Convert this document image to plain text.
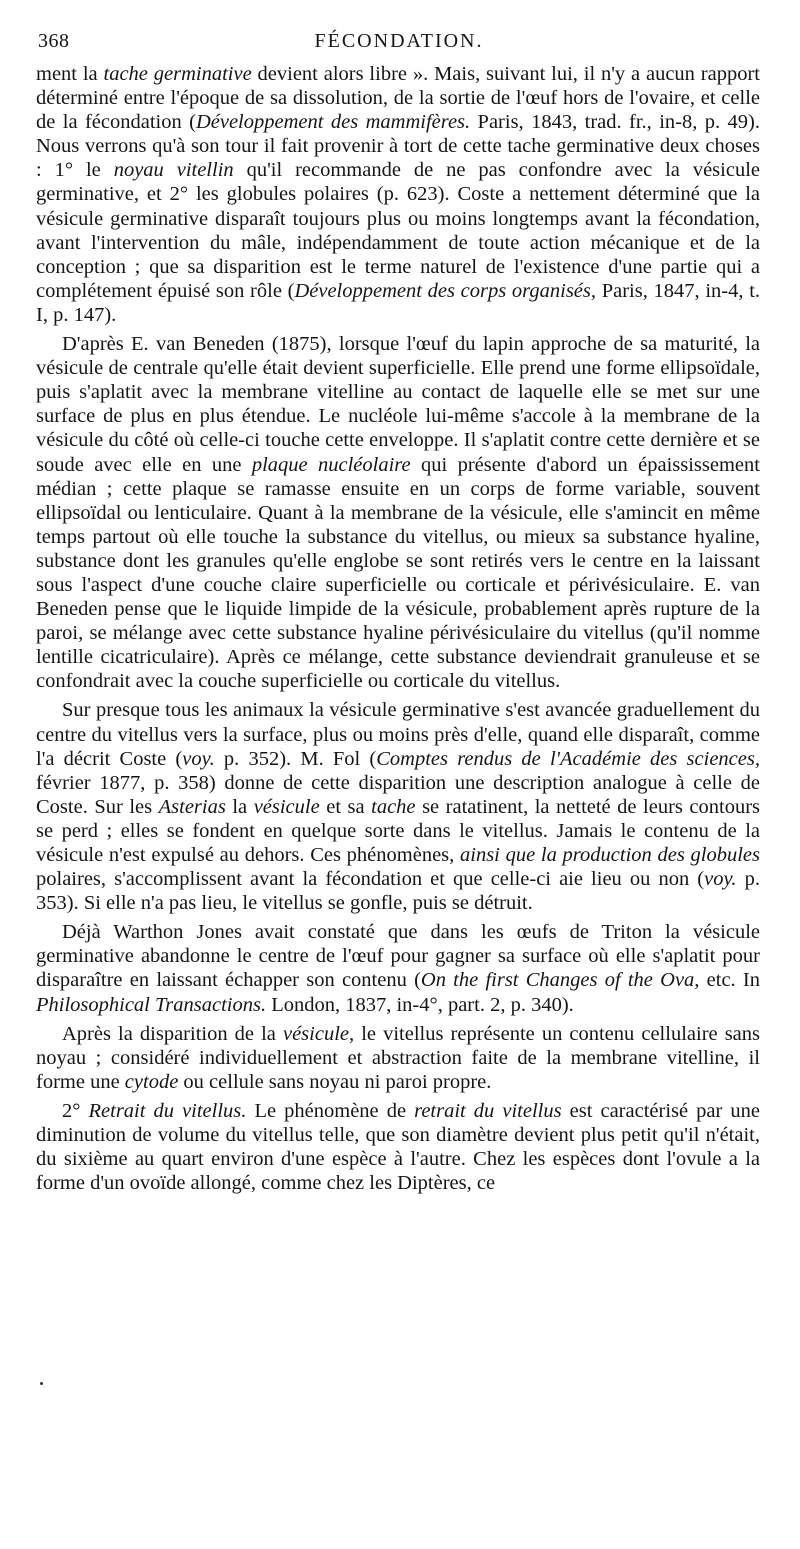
368	FÉCONDATION.

ment la tache germinative devient alors libre ». Mais, suivant lui, il n'y a aucun rapport déterminé entre l'époque de sa dissolution, de la sortie de l'œuf hors de l'ovaire, et celle de la fécondation (Développement des mammifères. Paris, 1843, trad. fr., in-8, p. 49). Nous verrons qu'à son tour il fait provenir à tort de cette tache germinative deux choses : 1° le noyau vitellin qu'il recommande de ne pas confondre avec la vésicule germinative, et 2° les globules polaires (p. 623). Coste a nettement déterminé que la vésicule germinative disparaît toujours plus ou moins longtemps avant la fécondation, avant l'intervention du mâle, indépendamment de toute action mécanique et de la conception ; que sa disparition est le terme naturel de l'existence d'une partie qui a complétement épuisé son rôle (Développement des corps organisés, Paris, 1847, in-4, t. I, p. 147).

D'après E. van Beneden (1875), lorsque l'œuf du lapin approche de sa maturité, la vésicule de centrale qu'elle était devient superficielle. Elle prend une forme ellipsoïdale, puis s'aplatit avec la membrane vitelline au contact de laquelle elle se met sur une surface de plus en plus étendue. Le nucléole lui-même s'accole à la membrane de la vésicule du côté où celle-ci touche cette enveloppe. Il s'aplatit contre cette dernière et se soude avec elle en une plaque nucléolaire qui présente d'abord un épaississement médian ; cette plaque se ramasse ensuite en un corps de forme variable, souvent ellipsoïdal ou lenticulaire. Quant à la membrane de la vésicule, elle s'amincit en même temps partout où elle touche la substance du vitellus, ou mieux sa substance hyaline, substance dont les granules qu'elle englobe se sont retirés vers le centre en la laissant sous l'aspect d'une couche claire superficielle ou corticale et périvésiculaire. E. van Beneden pense que le liquide limpide de la vésicule, probablement après rupture de la paroi, se mélange avec cette substance hyaline périvésiculaire du vitellus (qu'il nomme lentille cicatriculaire). Après ce mélange, cette substance deviendrait granuleuse et se confondrait avec la couche superficielle ou corticale du vitellus.

Sur presque tous les animaux la vésicule germinative s'est avancée graduellement du centre du vitellus vers la surface, plus ou moins près d'elle, quand elle disparaît, comme l'a décrit Coste (voy. p. 352). M. Fol (Comptes rendus de l'Académie des sciences, février 1877, p. 358) donne de cette disparition une description analogue à celle de Coste. Sur les Asterias la vésicule et sa tache se ratatinent, la netteté de leurs contours se perd ; elles se fondent en quelque sorte dans le vitellus. Jamais le contenu de la vésicule n'est expulsé au dehors. Ces phénomènes, ainsi que la production des globules polaires, s'accomplissent avant la fécondation et que celle-ci aie lieu ou non (voy. p. 353). Si elle n'a pas lieu, le vitellus se gonfle, puis se détruit.

Déjà Warthon Jones avait constaté que dans les œufs de Triton la vésicule germinative abandonne le centre de l'œuf pour gagner sa surface où elle s'aplatit pour disparaître en laissant échapper son contenu (On the first Changes of the Ova, etc. In Philosophical Transactions. London, 1837, in-4°, part. 2, p. 340).

Après la disparition de la vésicule, le vitellus représente un contenu cellulaire sans noyau ; considéré individuellement et abstraction faite de la membrane vitelline, il forme une cytode ou cellule sans noyau ni paroi propre.

2° Retrait du vitellus. Le phénomène de retrait du vitellus est caractérisé par une diminution de volume du vitellus telle, que son diamètre devient plus petit qu'il n'était, du sixième au quart environ d'une espèce à l'autre. Chez les espèces dont l'ovule a la forme d'un ovoïde allongé, comme chez les Diptères, ce
